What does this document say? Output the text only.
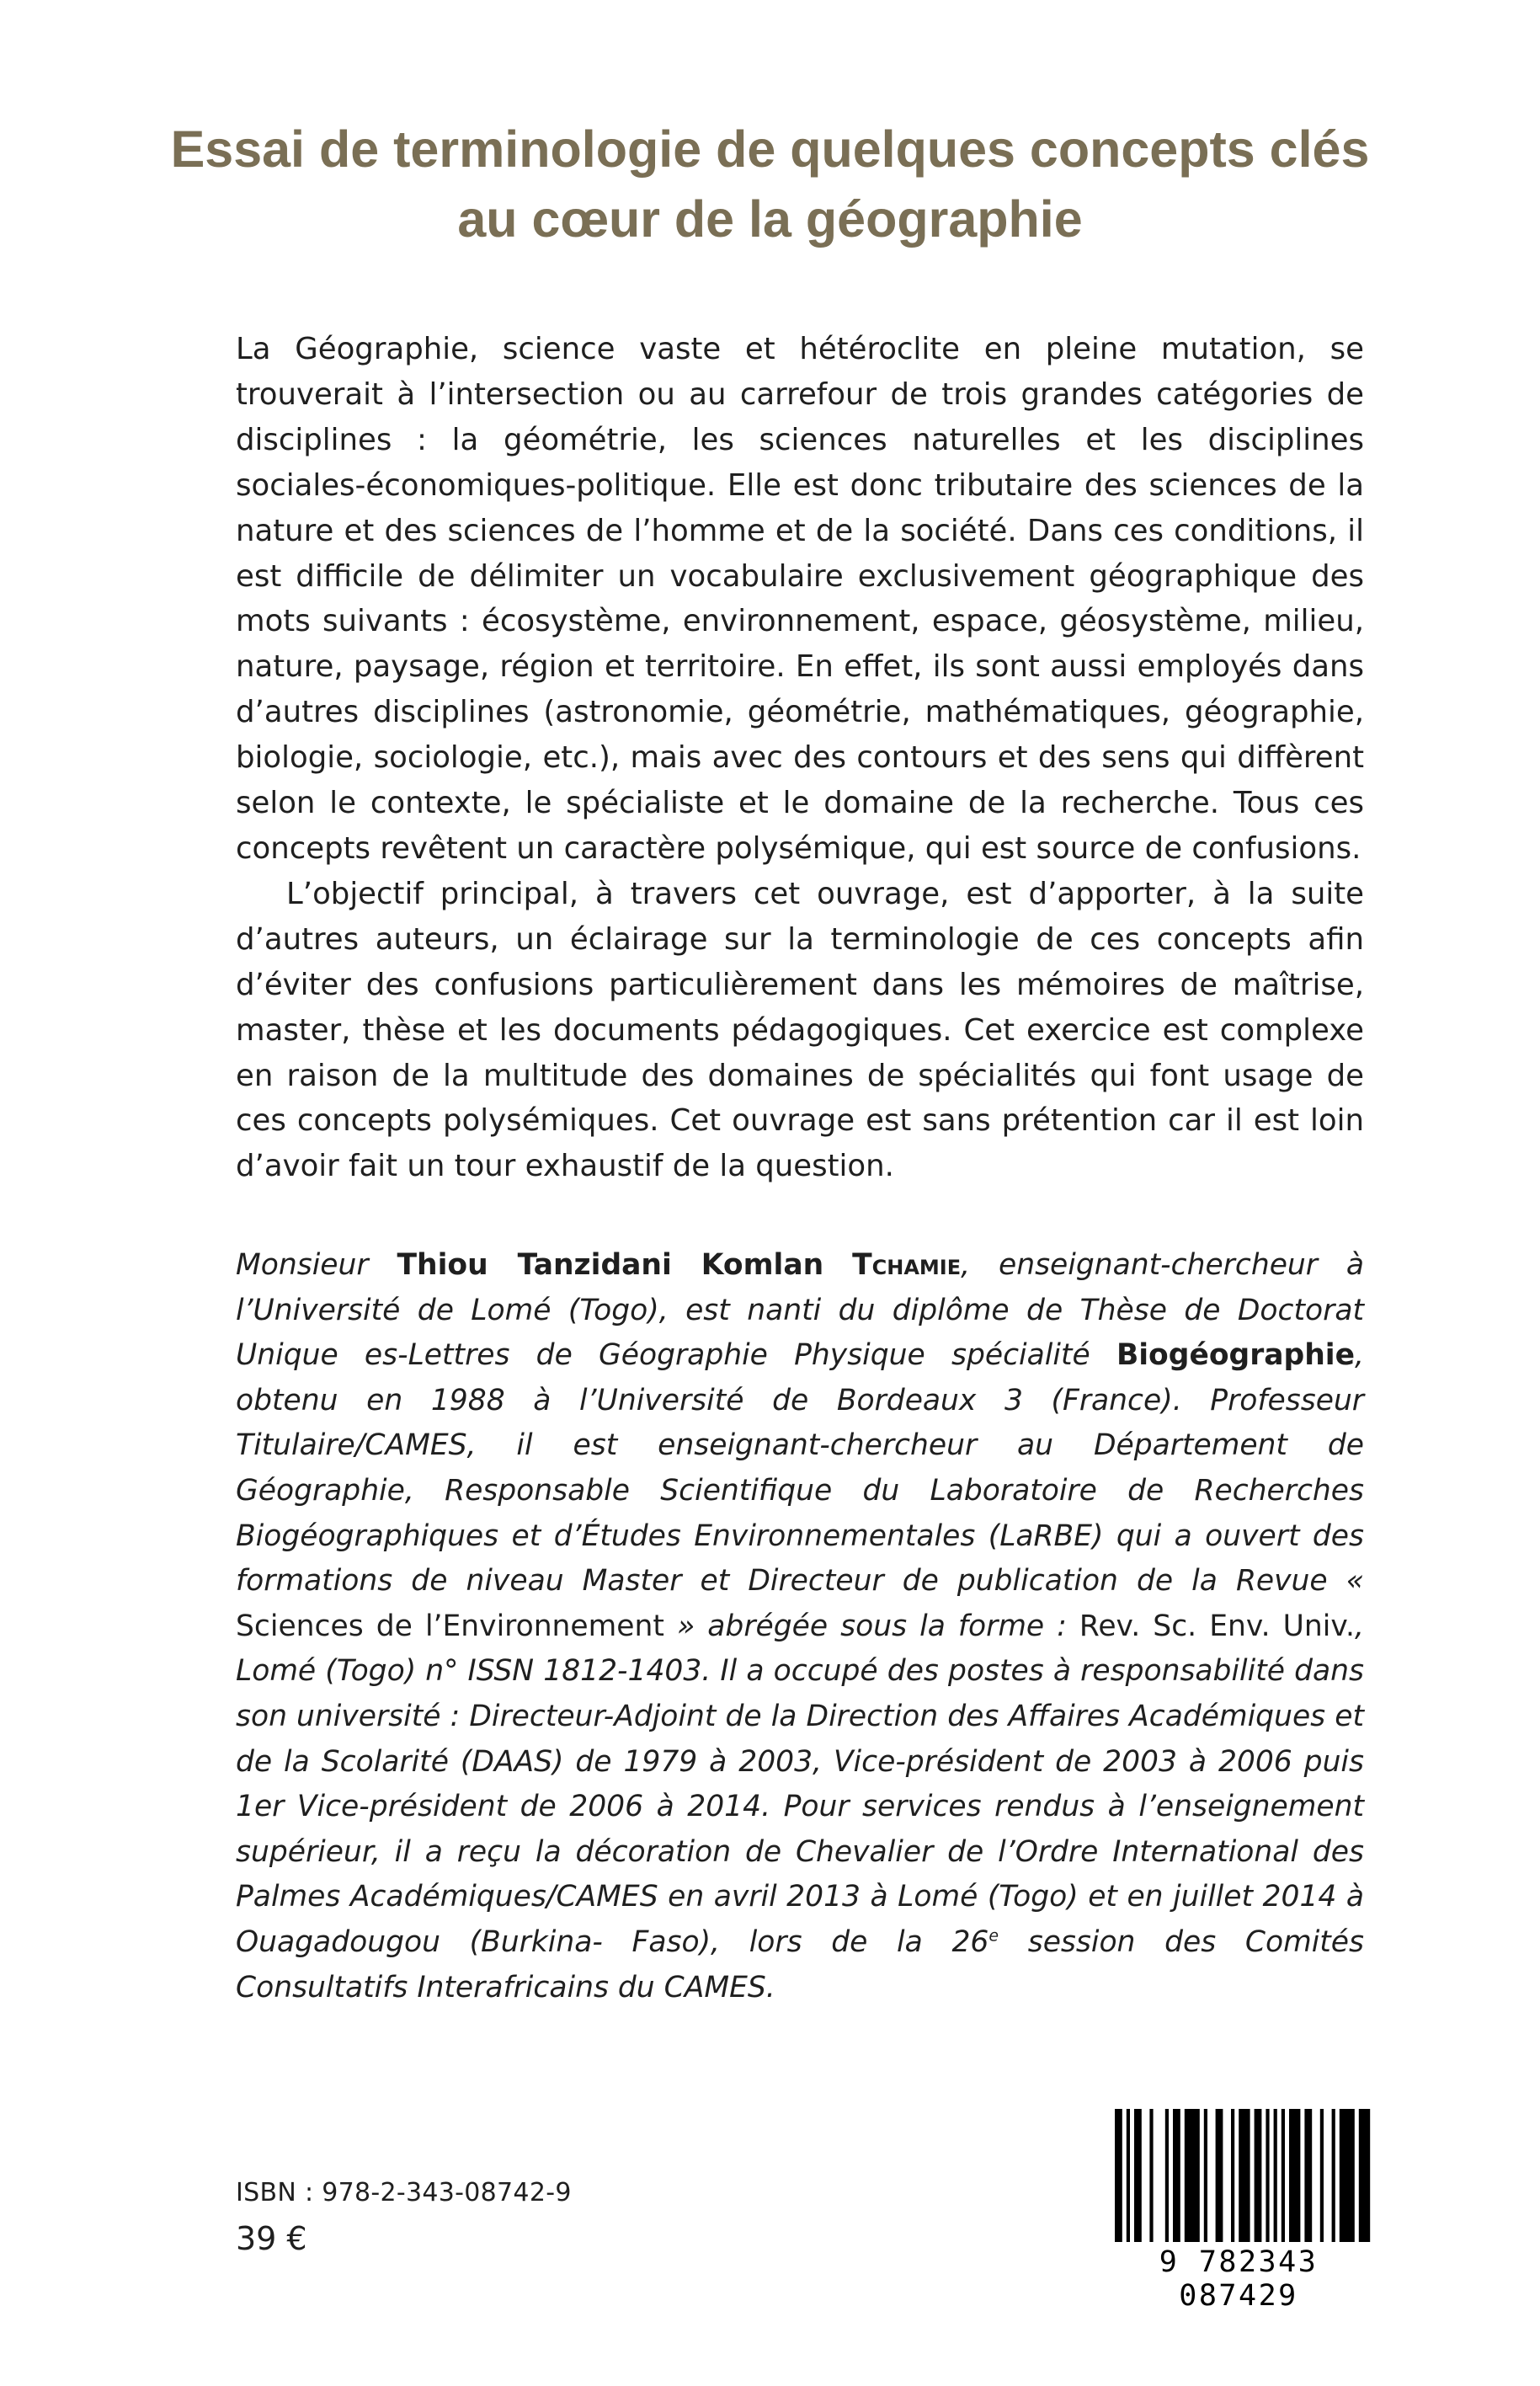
Essai de terminologie de quelques concepts clés
au cœur de la géographie

La Géographie, science vaste et hétéroclite en pleine mutation, se trouverait à l’intersection ou au carrefour de trois grandes catégories de disciplines : la géométrie, les sciences naturelles et les disciplines sociales-économiques-politique. Elle est donc tributaire des sciences de la nature et des sciences de l’homme et de la société. Dans ces conditions, il est difficile de délimiter un vocabulaire exclusivement géographique des mots suivants : écosystème, environnement, espace, géosystème, milieu, nature, paysage, région et territoire. En effet, ils sont aussi employés dans d’autres disciplines (astronomie, géométrie, mathématiques, géographie, biologie, sociologie, etc.), mais avec des contours et des sens qui diffèrent selon le contexte, le spécialiste et le domaine de la recherche. Tous ces concepts revêtent un caractère polysémique, qui est source de confusions.

L’objectif principal, à travers cet ouvrage, est d’apporter, à la suite d’autres auteurs, un éclairage sur la terminologie de ces concepts afin d’éviter des confusions particulièrement dans les mémoires de maîtrise, master, thèse et les documents pédagogiques. Cet exercice est complexe en raison de la multitude des domaines de spécialités qui font usage de ces concepts polysémiques. Cet ouvrage est sans prétention car il est loin d’avoir fait un tour exhaustif de la question.

Monsieur Thiou Tanzidani Komlan Tchamie, enseignant-chercheur à l’Université de Lomé (Togo), est nanti du diplôme de Thèse de Doctorat Unique es-Lettres de Géographie Physique spécialité Biogéographie, obtenu en 1988 à l’Université de Bordeaux 3 (France). Professeur Titulaire/CAMES, il est enseignant-chercheur au Département de Géographie, Responsable Scientifique du Laboratoire de Recherches Biogéographiques et d’Études Environnementales (LaRBE) qui a ouvert des formations de niveau Master et Directeur de publication de la Revue « Sciences de l’Environnement » abrégée sous la forme : Rev. Sc. Env. Univ., Lomé (Togo) n° ISSN 1812-1403. Il a occupé des postes à responsabilité dans son université : Directeur-Adjoint de la Direction des Affaires Académiques et de la Scolarité (DAAS) de 1979 à 2003, Vice-président de 2003 à 2006 puis 1er Vice-président de 2006 à 2014. Pour services rendus à l’enseignement supérieur, il a reçu la décoration de Chevalier de l’Ordre International des Palmes Académiques/CAMES en avril 2013 à Lomé (Togo) et en juillet 2014 à Ouagadougou (Burkina- Faso), lors de la 26e session des Comités Consultatifs Interafricains du CAMES.
ISBN : 978-2-343-08742-9
39 €
9 782343 087429
